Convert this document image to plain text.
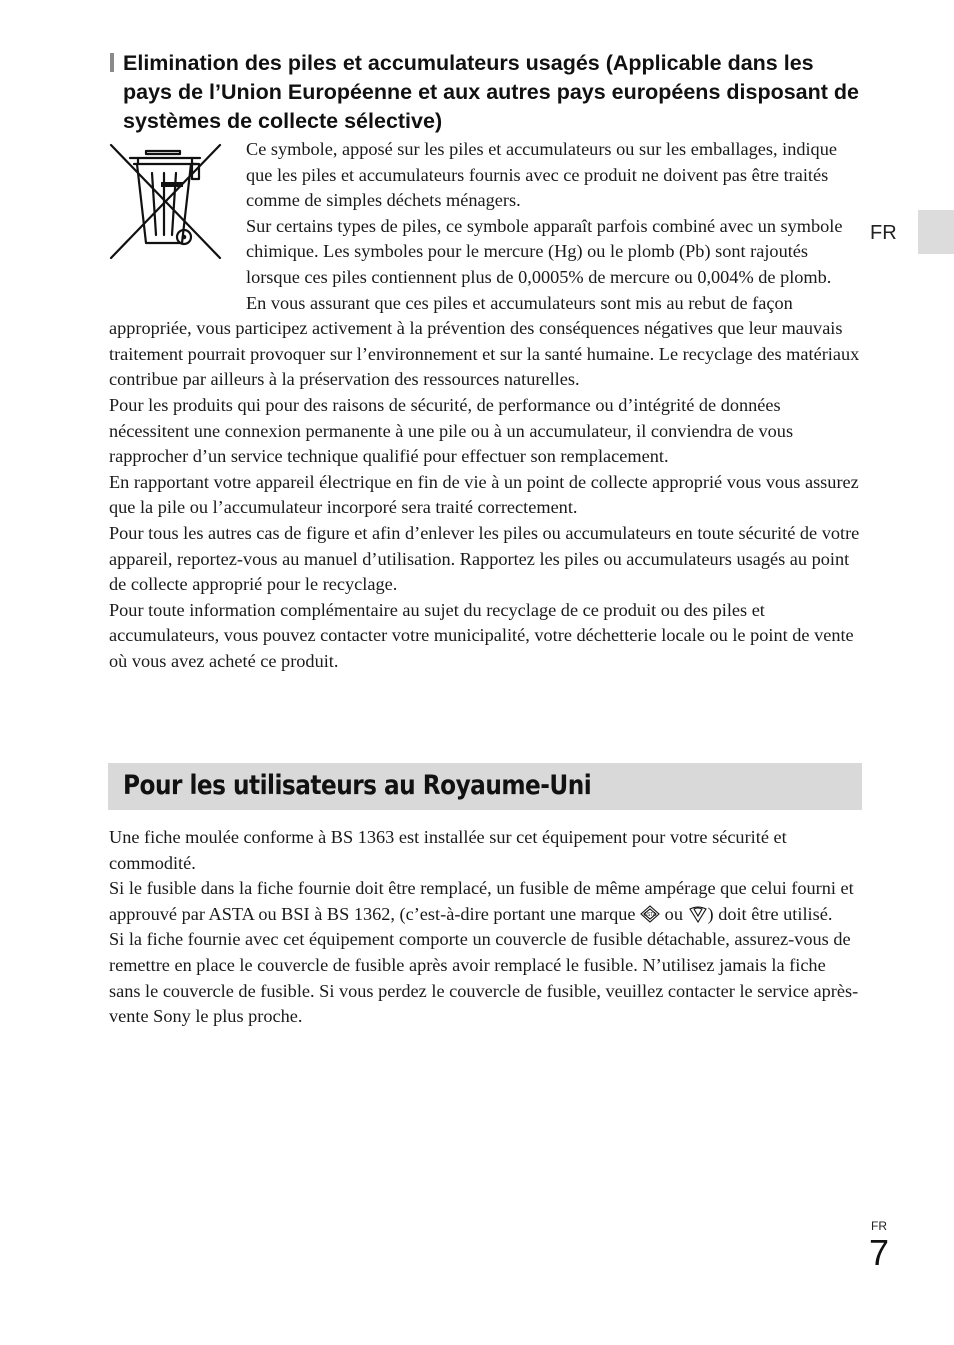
Elimination des piles et accumulateurs usagés (Applicable dans les pays de l’Union Européenne et aux autres pays européens disposant de systèmes de collecte sélective)
FR

Ce symbole, apposé sur les piles et accumulateurs ou sur les emballages, indique que les piles et accumulateurs fournis avec ce produit ne doivent pas être traités comme de simples déchets ménagers.

Sur certains types de piles, ce symbole apparaît parfois combiné avec un symbole chimique. Les symboles pour le mercure (Hg) ou le plomb (Pb) sont rajoutés lorsque ces piles contiennent plus de 0,0005% de mercure ou 0,004% de plomb.

En vous assurant que ces piles et accumulateurs sont mis au rebut de façon appropriée, vous participez activement à la prévention des conséquences négatives que leur mauvais traitement pourrait provoquer sur l’environnement et sur la santé humaine. Le recyclage des matériaux contribue par ailleurs à la préservation des ressources naturelles.

Pour les produits qui pour des raisons de sécurité, de performance ou d’intégrité de données nécessitent une connexion permanente à une pile ou à un accumulateur, il conviendra de vous rapprocher d’un service technique qualifié pour effectuer son remplacement.

En rapportant votre appareil électrique en fin de vie à un point de collecte approprié vous vous assurez que la pile ou l’accumulateur incorporé sera traité correctement.

Pour tous les autres cas de figure et afin d’enlever les piles ou accumulateurs en toute sécurité de votre appareil, reportez-vous au manuel d’utilisation. Rapportez les piles ou accumulateurs usagés au point de collecte approprié pour le recyclage.

Pour toute information complémentaire au sujet du recyclage de ce produit ou des piles et accumulateurs, vous pouvez contacter votre municipalité, votre déchetterie locale ou le point de vente où vous avez acheté ce produit.

Pour les utilisateurs au Royaume-Uni

Une fiche moulée conforme à BS 1363 est installée sur cet équipement pour votre sécurité et commodité.

Si le fusible dans la fiche fournie doit être remplacé, un fusible de même ampérage que celui fourni et approuvé par ASTA ou BSI à BS 1362, (c’est-à-dire portant une marque ASTA ou ) doit être utilisé.

Si la fiche fournie avec cet équipement comporte un couvercle de fusible détachable, assurez-vous de remettre en place le couvercle de fusible après avoir remplacé le fusible. N’utilisez jamais la fiche sans le couvercle de fusible. Si vous perdez le couvercle de fusible, veuillez contacter le service après-vente Sony le plus proche.

FR
7
